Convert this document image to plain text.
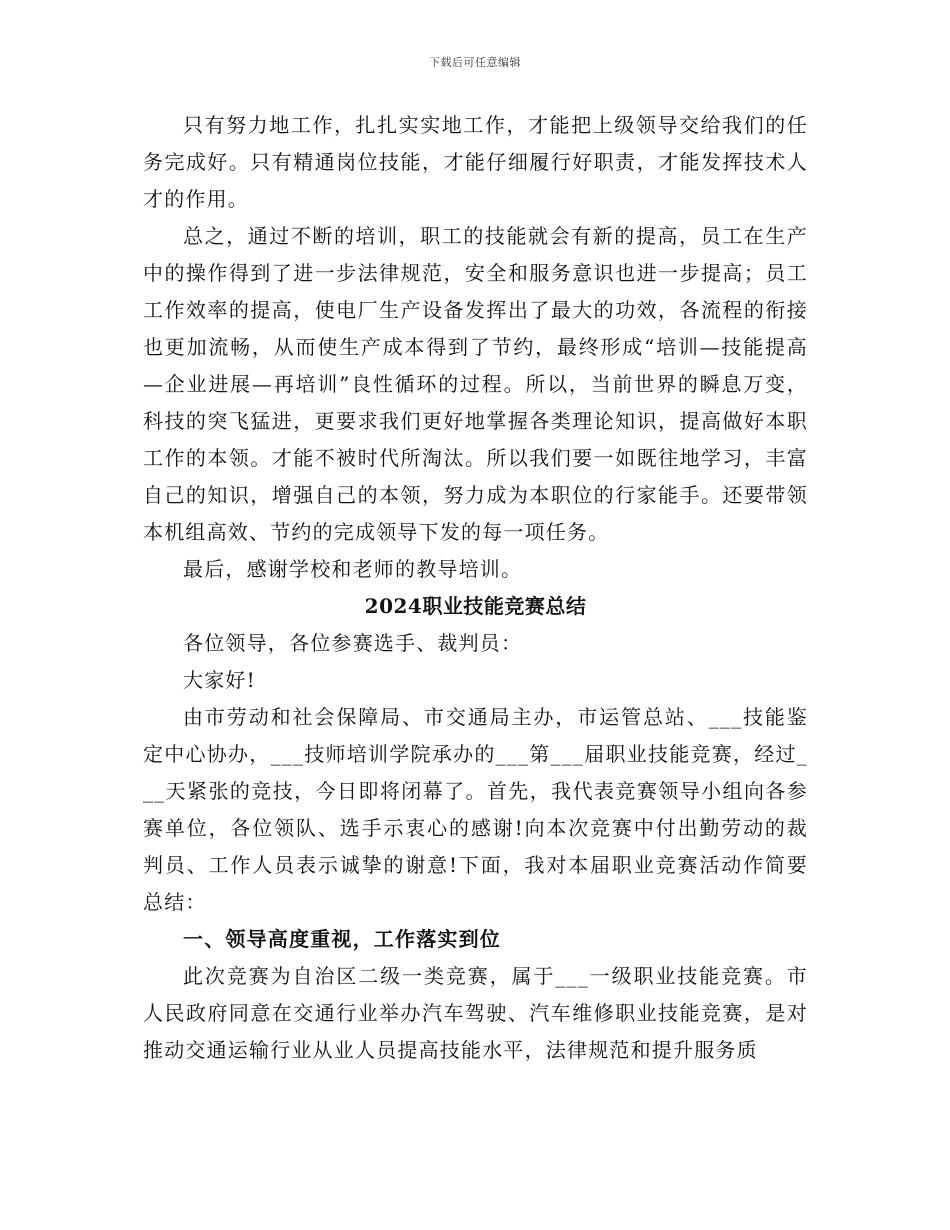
下载后可任意编辑

只有努力地工作，扎扎实实地工作，才能把上级领导交给我们的任务完成好。只有精通岗位技能，才能仔细履行好职责，才能发挥技术人才的作用。

总之，通过不断的培训，职工的技能就会有新的提高，员工在生产中的操作得到了进一步法律规范，安全和服务意识也进一步提高；员工工作效率的提高，使电厂生产设备发挥出了最大的功效，各流程的衔接也更加流畅，从而使生产成本得到了节约，最终形成“培训—技能提高—企业进展—再培训”良性循环的过程。所以，当前世界的瞬息万变，科技的突飞猛进，更要求我们更好地掌握各类理论知识，提高做好本职工作的本领。才能不被时代所淘汰。所以我们要一如既往地学习，丰富自己的知识，增强自己的本领，努力成为本职位的行家能手。还要带领本机组高效、节约的完成领导下发的每一项任务。

最后，感谢学校和老师的教导培训。

2024职业技能竞赛总结

各位领导，各位参赛选手、裁判员：

大家好!

由市劳动和社会保障局、市交通局主办，市运管总站、___技能鉴定中心协办，___技师培训学院承办的___第___届职业技能竞赛，经过___天紧张的竞技，今日即将闭幕了。首先，我代表竞赛领导小组向各参赛单位，各位领队、选手示衷心的感谢!向本次竞赛中付出勤劳动的裁判员、工作人员表示诚挚的谢意!下面，我对本届职业竞赛活动作简要总结：

一、领导高度重视，工作落实到位

此次竞赛为自治区二级一类竞赛，属于___一级职业技能竞赛。市人民政府同意在交通行业举办汽车驾驶、汽车维修职业技能竞赛，是对推动交通运输行业从业人员提高技能水平，法律规范和提升服务质
